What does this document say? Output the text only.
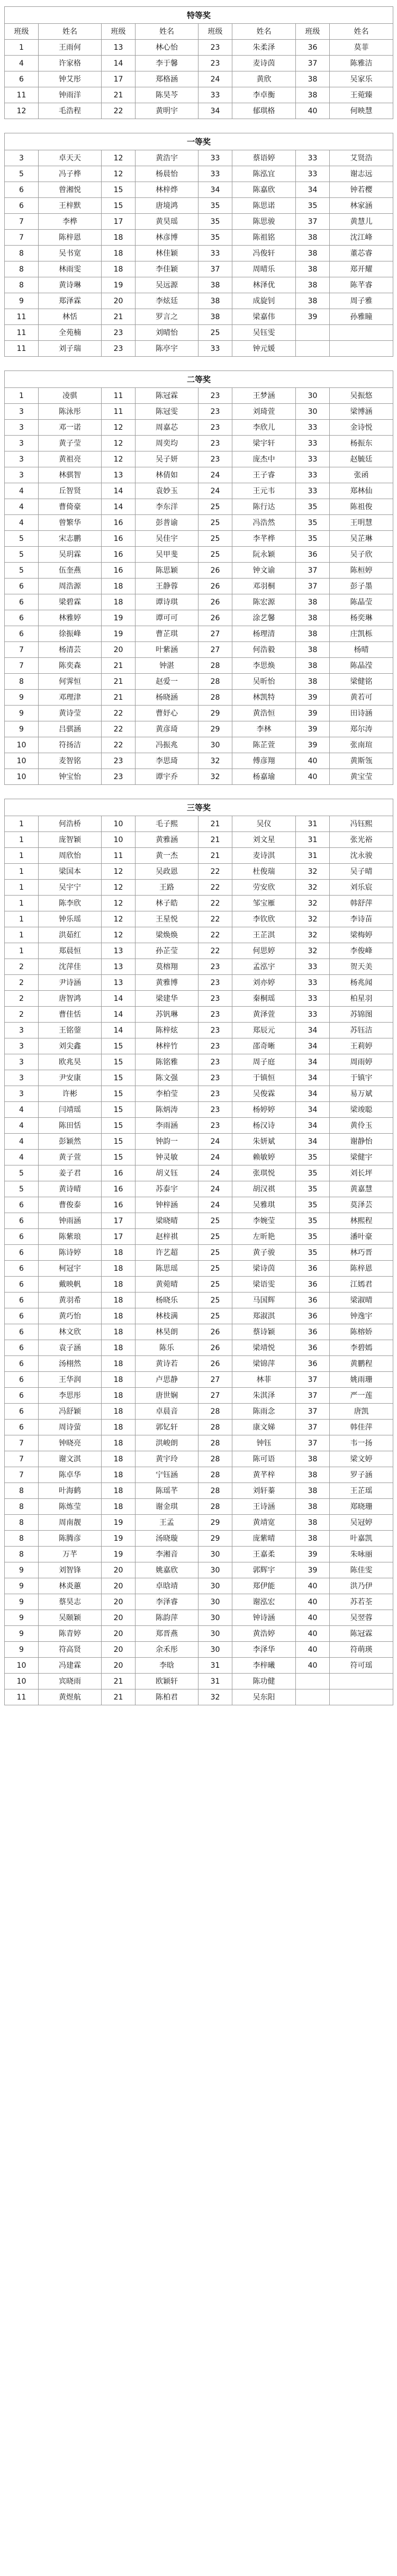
特等奖							
班级	姓名	班级	姓名	班级	姓名	班级	姓名
1	王雨何	13	林心怡	23	朱柔泽	36	莫菲
4	许家格	14	李于馨	23	麦诗茵	37	陈雅洁
6	钟艾彤	17	郑格涵	24	黄欣	38	吴家乐
11	钟雨洋	21	陈昊芩	33	李卓衡	38	王菀臻
12	毛浩程	22	黄明宇	34	郁琪格	40	何映慧
一等奖							
3	卓天天	12	黄浩宇	33	蔡语婷	33	艾贤浩
5	冯子桦	12	杨晨怡	33	陈泓宜	33	谢志远
6	曾湘悦	15	林梓烨	34	陈嘉欣	34	钟若樱
6	王梓默	15	唐境鸿	35	陈思诺	35	林家涵
7	李桦	17	黄昊瑶	35	陈思骏	37	黄慧儿
7	陈梓恩	18	林彦博	35	陈祖铭	38	沈江峰
8	吴书宽	18	林佳颖	33	冯俊轩	38	董芯睿
8	林雨雯	18	李佳颖	37	周晴乐	38	郑开耀
8	黄诗琳	19	吴远源	38	林泽优	38	陈芊睿
9	郑泽霖	20	李炫廷	38	成旋钊	38	周子雅
11	林恬	21	罗言之	38	梁嘉伟	39	孙雅瞳
11	全苑楠	23	刘晴怡	25	吴钰雯		
11	刘子瑞	23	陈亭宇	33	钟元媛		
二等奖							
1	凌骐	11	陈冠霖	23	王梦涵	30	吴振悠
3	陈泳彤	11	陈冠雯	23	刘琦萱	30	梁博涵
3	邓一诺	12	周嘉芯	23	李欣儿	33	金诗悦
3	黄子莹	12	周奕均	23	梁宇轩	33	杨振东
3	黄祖亮	12	吴子妍	23	庞杰中	33	赵毓廷
3	林骐智	13	林倩如	24	王子睿	33	张函
4	丘智贤	14	袁妙玉	24	王元韦	33	郑林仙
4	曹倚豪	14	李东洋	25	陈行达	35	陈祖俊
4	曾繁华	16	彭普谕	25	冯浩然	35	王明慧
5	宋志鹏	16	吴佳宇	25	李芊桦	35	吴芷琳
5	吴玥霖	16	吴甲斐	25	阮永颖	36	吴子欣
5	伍奎燕	16	陈思颖	26	钟文谕	37	陈桓婷
6	周浩源	18	王静蓉	26	邓羽桐	37	彭子墨
6	梁碧霖	18	谭诗琪	26	陈宏源	38	陈晶莹
6	林雅婷	19	谭可可	26	涂艺馨	38	杨奕琳
6	徐振峰	19	曹芷琪	27	杨理清	38	庄凯栎
7	杨清芸	20	叶紫涵	27	何浩毅	38	杨晴
7	陈奕森	21	钟湛	28	李思焕	38	陈晶滢
8	何霁恒	21	赵爱一	28	吴昕怡	38	梁健铭
9	邓理津	21	杨晓涵	28	林凯特	39	黄若可
9	黄诗莹	22	曹妤心	29	黄浩恒	39	田诗涵
9	吕骐涵	22	黄彦琦	29	李林	39	郑尔涛
10	符扬洁	22	冯振兆	30	陈芷萱	39	张南瑄
10	麦智铭	23	李思琦	32	傅彦翔	40	黄斯瓴
10	钟宝怡	23	谭宇乔	32	杨嘉瑜	40	黄宝莹
三等奖							
1	何浩桥	10	毛子熙	21	吴仪	31	冯钰熙
1	庞智颖	10	黄雅涵	21	刘文星	31	张光裕
1	周欣怡	11	黄一杰	21	麦诗淇	31	沈永骏
1	梁国本	12	吴政恩	22	杜俊瑞	32	吴子晴
1	吴宇宁	12	王路	22	劳安欣	32	刘乐宸
1	陈李欣	12	林子皓	22	邹宝雁	32	韩舒萍
1	钟乐瑶	12	王星悦	22	李钦欣	32	李诗苗
1	洪茹红	12	梁焕焕	22	王芷淇	32	梁梅婷
1	郑晨恒	13	孙芷莹	22	何思婷	32	李俊峰
2	沈萍佳	13	莫榕翔	23	孟泓宇	33	贺天美
2	尹诗涵	13	黄雅博	23	刘亦婷	33	杨兆闻
2	唐智鸿	14	梁建华	23	秦桐瑶	33	柏星羽
2	曹佳恬	14	苏钒琳	23	黄泽萱	33	苏锦图
3	王铭蓥	14	陈梓炫	23	郑辰元	34	苏钰洁
3	刘尖鑫	15	林梓竹	23	邵奇晰	34	王莉婷
3	欧兆昊	15	陈铭雅	23	周子庭	34	周雨婷
3	尹安康	15	陈文强	23	于镇恒	34	于镇宇
3	许彬	15	李柏莹	23	吴俊霖	34	易万斌
4	闫靖瑶	15	陈炳涛	23	杨婷婷	34	梁竣聪
4	陈田恬	15	李雨涵	23	杨汉诗	34	黄伶玉
4	彭颖然	15	钟韵一	24	朱妍斌	34	谢静怡
4	黄子萱	15	钟灵敏	24	赖敏婷	35	梁健宇
5	姜子君	16	胡义钰	24	张琪悦	35	刘长坪
5	黄诗晴	16	苏泰宇	24	胡汉祺	35	黄嘉慧
6	曹俊泰	16	钟梓涵	24	吴雅琪	35	莫泽芸
6	钟雨涵	17	梁晓晴	25	李婉莹	35	林熙程
6	陈紫琅	17	赵梓祺	25	左昕艳	35	潘叶豪
6	陈诗婷	18	许艺超	25	黄子骏	35	林巧晋
6	柯冠宇	18	陈思瑶	25	梁诗茵	36	陈梓恩
6	戴映帆	18	黄菀晴	25	梁语雯	36	江嫣君
6	黄羽希	18	杨晓乐	25	马国辉	36	梁淑晴
6	黄巧怡	18	林枝满	25	郑淑淇	36	钟逸宇
6	林文欣	18	林昊朗	26	蔡诗颖	36	陈榕娇
6	袁子涵	18	陈乐	26	梁靖悦	36	李碧嫣
6	汤栩然	18	黄诗若	26	梁锦萍	36	黄鹏程
6	王华润	18	卢思静	27	林菲	37	姚雨珊
6	李思彤	18	唐世娴	27	朱淇泽	37	严一莲
6	冯舒颖	18	卓晨音	28	陈雨念	37	唐凯
6	周诗萤	18	郭钇轩	28	康文娣	37	韩佳萍
7	钟晓亮	18	洪峻朗	28	钟钰	37	韦一扬
7	谢文淇	18	黄宇玲	28	陈可语	38	梁文婷
7	陈卓华	18	宁钰涵	28	黄芊梓	38	罗子涵
8	叶海鹤	18	陈瑶芊	28	刘轩蓁	38	王芷瑶
8	陈炼莹	18	谢金琪	28	王诗涵	38	郑晓珊
8	周南靓	19	王孟	29	黄靖宽	38	吴冠婷
8	陈腾彦	19	汤晓璇	29	庞紫晴	38	叶嘉凯
8	万芊	19	李湘音	30	王嘉柔	39	朱咏丽
9	刘智锋	20	姚嘉欣	30	郭辉宇	39	陈佳雯
9	林炎蕙	20	卓晗靖	30	郑伊能	40	洪乃伊
9	蔡昊志	20	李泽睿	30	谢泓宏	40	苏若荃
9	吴颐颖	20	陈韵萍	30	钟诗涵	40	吴翌蓉
9	陈青婷	20	郑晋燕	30	黄浩婷	40	陈冠霖
9	符高贤	20	余禾彤	30	李泽华	40	符萌瑛
10	冯建霖	20	李晗	31	李梓曦	40	符可瑶
10	宾晓雨	21	欧颖轩	31	陈功健		
11	黄煜航	21	陈柏君	32	吴东阳		
